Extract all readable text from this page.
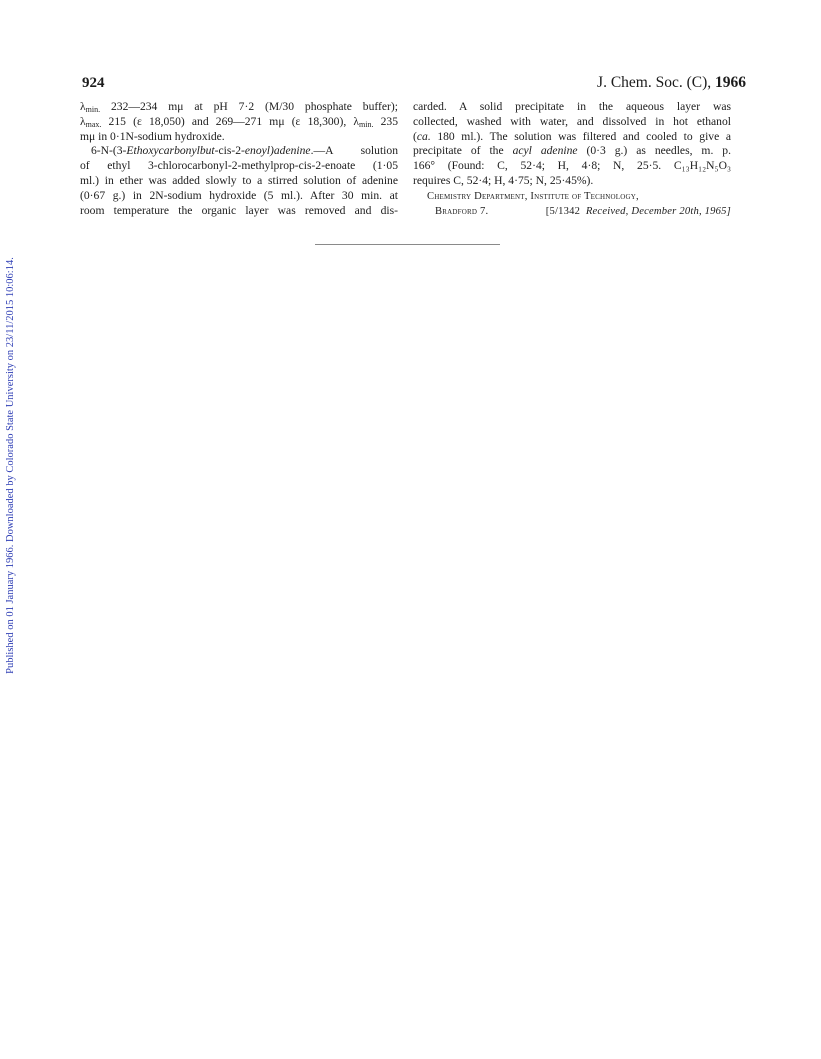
Published on 01 January 1966. Downloaded by Colorado State University on 23/11/2015 10:06:14.
924	J. Chem. Soc. (C), 1966
$\lambda_{min.}$ 232—234 mμ at pH 7·2 (M/30 phosphate buffer);
$\lambda_{max.}$ 215 (ε 18,050) and 269—271 mμ (ε 18,300), $\lambda_{min.}$ 235
mμ in 0·1N-sodium hydroxide.
6-N-(3-Ethoxycarbonylbut-cis-2-enoyl)adenine.—A solution
of ethyl 3-chlorocarbonyl-2-methylprop-cis-2-enoate (1·05
ml.) in ether was added slowly to a stirred solution of adenine
(0·67 g.) in 2N-sodium hydroxide (5 ml.). After 30 min. at
room temperature the organic layer was removed and dis-
carded. A solid precipitate in the aqueous layer was
collected, washed with water, and dissolved in hot ethanol
(ca. 180 ml.). The solution was filtered and cooled to give a
precipitate of the acyl adenine (0·3 g.) as needles, m. p.
166° (Found: C, 52·4; H, 4·8; N, 25·5. C₁₃H₁₂N₅O₃
requires C, 52·4; H, 4·75; N, 25·45%).
Chemistry Department, Institute of Technology,
Bradford 7.	[5/1342 Received, December 20th, 1965]
